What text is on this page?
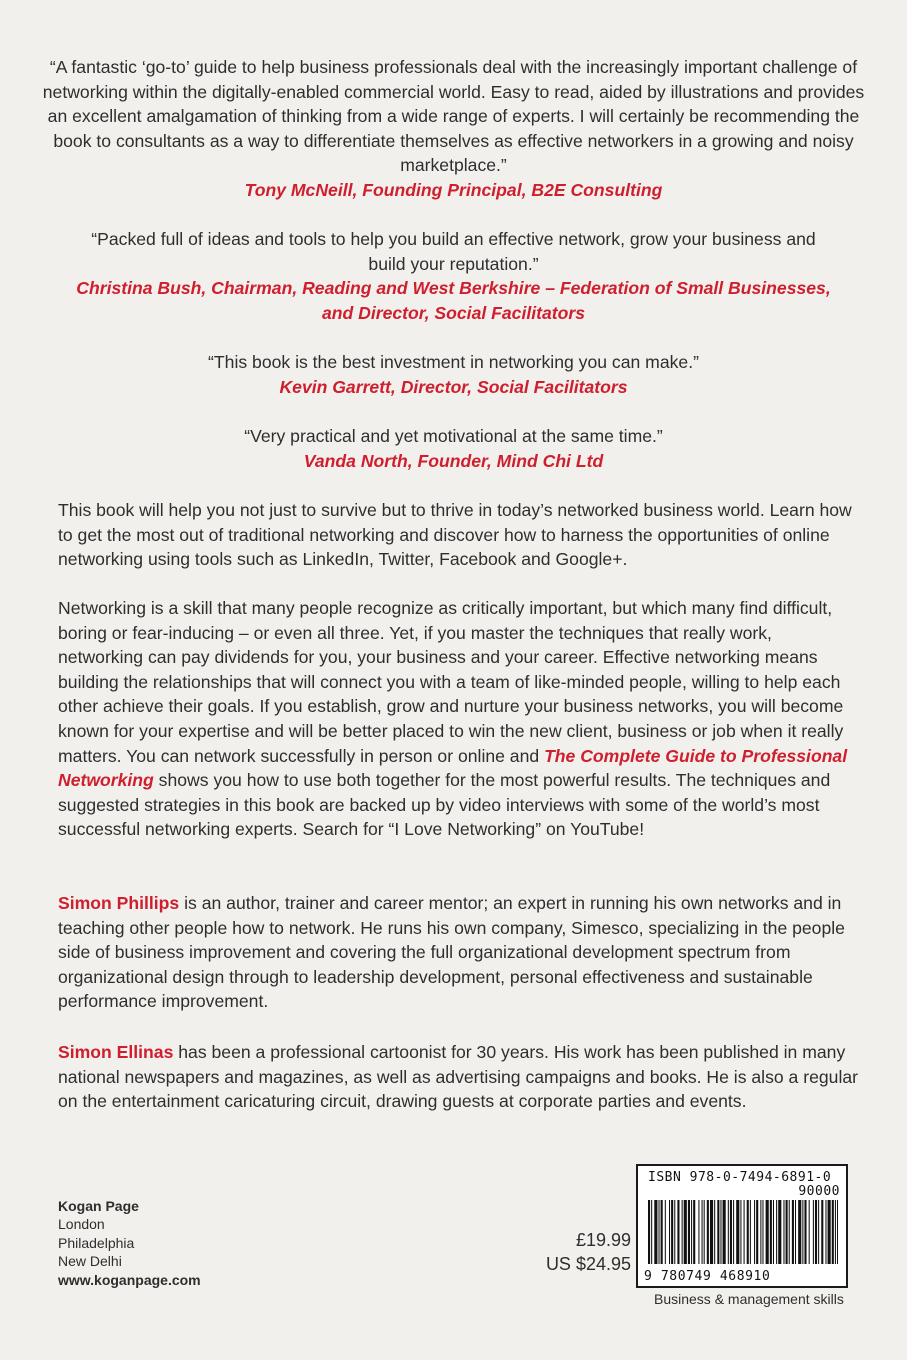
“A fantastic ‘go-to’ guide to help business professionals deal with the increasingly important challenge of networking within the digitally-enabled commercial world. Easy to read, aided by illustrations and provides an excellent amalgamation of thinking from a wide range of experts. I will certainly be recommending the book to consultants as a way to differentiate themselves as effective networkers in a growing and noisy marketplace.”

Tony McNeill, Founding Principal, B2E Consulting

“Packed full of ideas and tools to help you build an effective network, grow your business and build your reputation.”

Christina Bush, Chairman, Reading and West Berkshire – Federation of Small Businesses, and Director, Social Facilitators

“This book is the best investment in networking you can make.”

Kevin Garrett, Director, Social Facilitators

“Very practical and yet motivational at the same time.”

Vanda North, Founder, Mind Chi Ltd

This book will help you not just to survive but to thrive in today’s networked business world. Learn how to get the most out of traditional networking and discover how to harness the opportunities of online networking using tools such as LinkedIn, Twitter, Facebook and Google+.

Networking is a skill that many people recognize as critically important, but which many find difficult, boring or fear-inducing – or even all three. Yet, if you master the techniques that really work, networking can pay dividends for you, your business and your career. Effective networking means building the relationships that will connect you with a team of like-minded people, willing to help each other achieve their goals. If you establish, grow and nurture your business networks, you will become known for your expertise and will be better placed to win the new client, business or job when it really matters. You can network successfully in person or online and The Complete Guide to Professional Networking shows you how to use both together for the most powerful results. The techniques and suggested strategies in this book are backed up by video interviews with some of the world’s most successful networking experts. Search for “I Love Networking” on YouTube!

Simon Phillips is an author, trainer and career mentor; an expert in running his own networks and in teaching other people how to network. He runs his own company, Simesco, specializing in the people side of business improvement and covering the full organizational development spectrum from organizational design through to leadership development, personal effectiveness and sustainable performance improvement.

Simon Ellinas has been a professional cartoonist for 30 years. His work has been published in many national newspapers and magazines, as well as advertising campaigns and books. He is also a regular on the entertainment caricaturing circuit, drawing guests at corporate parties and events.

Kogan Page
London
Philadelphia
New Delhi
www.koganpage.com
£19.99
US $24.95
ISBN 978-0-7494-6891-0
90000
9 780749 468910
Business & management skills
